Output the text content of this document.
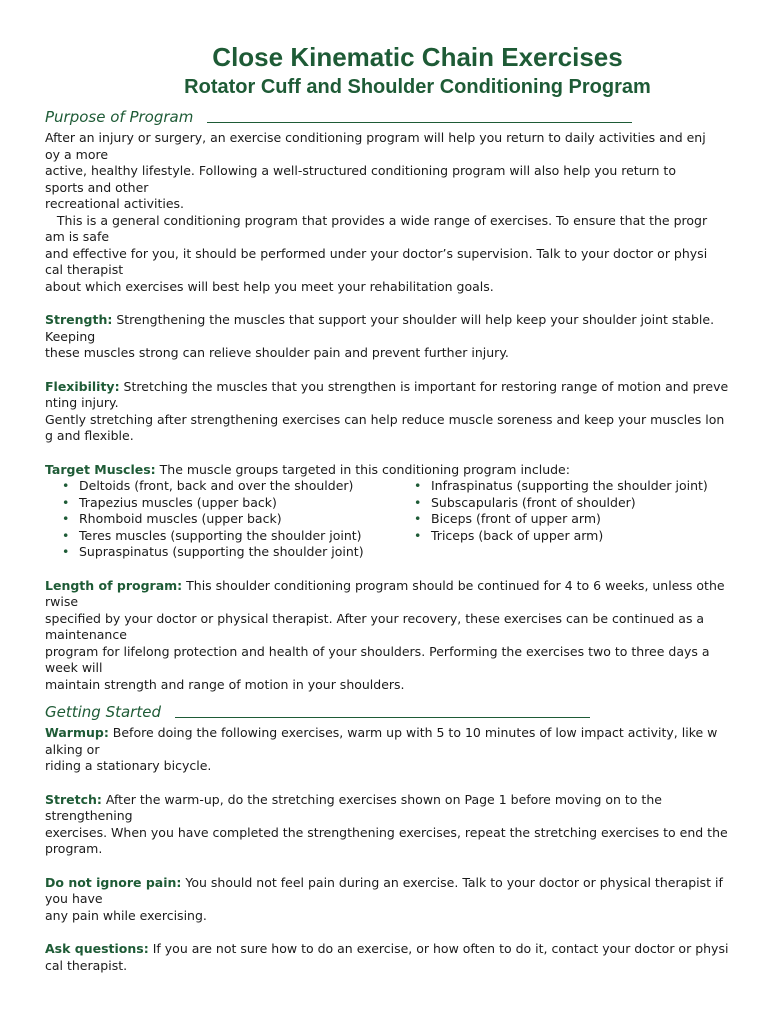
Close Kinematic Chain Exercises
Rotator Cuff and Shoulder Conditioning Program
Purpose of Program
After an injury or surgery, an exercise conditioning program will help you return to daily activities and enj
oy a more
active, healthy lifestyle. Following a well-structured conditioning program will also help you return to
sports and other
recreational activities.
This is a general conditioning program that provides a wide range of exercises. To ensure that the progr
am is safe
and effective for you, it should be performed under your doctor’s supervision. Talk to your doctor or physi
cal therapist
about which exercises will best help you meet your rehabilitation goals.
Strength: Strengthening the muscles that support your shoulder will help keep your shoulder joint stable.
Keeping
these muscles strong can relieve shoulder pain and prevent further injury.
Flexibility: Stretching the muscles that you strengthen is important for restoring range of motion and preve
nting injury.
Gently stretching after strengthening exercises can help reduce muscle soreness and keep your muscles lon
g and flexible.
Target Muscles: The muscle groups targeted in this conditioning program include:
• Deltoids (front, back and over the shoulder)
• Trapezius muscles (upper back)
• Rhomboid muscles (upper back)
• Teres muscles (supporting the shoulder joint)
• Supraspinatus (supporting the shoulder joint)
• Infraspinatus (supporting the shoulder joint)
• Subscapularis (front of shoulder)
• Biceps (front of upper arm)
• Triceps (back of upper arm)
Length of program: This shoulder conditioning program should be continued for 4 to 6 weeks, unless othe
rwise
specified by your doctor or physical therapist. After your recovery, these exercises can be continued as a
maintenance
program for lifelong protection and health of your shoulders. Performing the exercises two to three days a
week will
maintain strength and range of motion in your shoulders.
Getting Started
Warmup: Before doing the following exercises, warm up with 5 to 10 minutes of low impact activity, like w
alking or
riding a stationary bicycle.
Stretch: After the warm-up, do the stretching exercises shown on Page 1 before moving on to the
strengthening
exercises. When you have completed the strengthening exercises, repeat the stretching exercises to end the
program.
Do not ignore pain: You should not feel pain during an exercise. Talk to your doctor or physical therapist if
you have
any pain while exercising.
Ask questions: If you are not sure how to do an exercise, or how often to do it, contact your doctor or physi
cal therapist.
